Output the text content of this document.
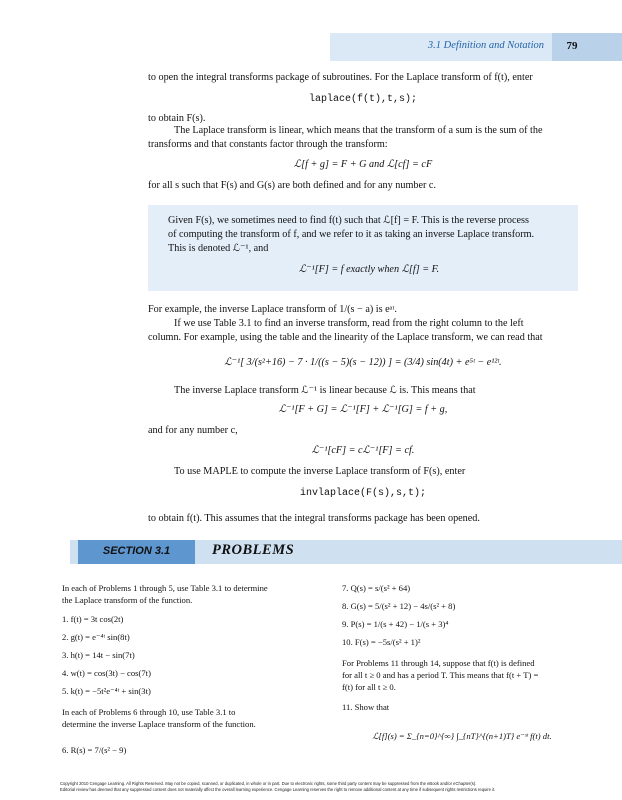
3.1 Definition and Notation	79
to open the integral transforms package of subroutines. For the Laplace transform of f(t), enter
laplace(f(t),t,s);
to obtain F(s).
The Laplace transform is linear, which means that the transform of a sum is the sum of the
transforms and that constants factor through the transform:
ℒ[f + g] = F + G and ℒ[cf] = cF
for all s such that F(s) and G(s) are both defined and for any number c.
Given F(s), we sometimes need to find f(t) such that ℒ[f] = F. This is the reverse process
of computing the transform of f, and we refer to it as taking an inverse Laplace transform.
This is denoted ℒ⁻¹, and
ℒ⁻¹[F] = f exactly when ℒ[f] = F.
For example, the inverse Laplace transform of 1/(s − a) is eᵃᵗ.
If we use Table 3.1 to find an inverse transform, read from the right column to the left
column. For example, using the table and the linearity of the Laplace transform, we can read that
ℒ⁻¹[ 3/(s²+16) − 7 · 1/((s − 5)(s − 12)) ] = (3/4) sin(4t) + e⁵ᵗ − e¹²ᵗ.
The inverse Laplace transform ℒ⁻¹ is linear because ℒ is. This means that
ℒ⁻¹[F + G] = ℒ⁻¹[F] + ℒ⁻¹[G] = f + g,
and for any number c,
ℒ⁻¹[cF] = cℒ⁻¹[F] = cf.
To use MAPLE to compute the inverse Laplace transform of F(s), enter
invlaplace(F(s),s,t);
to obtain f(t). This assumes that the integral transforms package has been opened.
SECTION 3.1	PROBLEMS
In each of Problems 1 through 5, use Table 3.1 to determine
the Laplace transform of the function.
1. f(t) = 3t cos(2t)
2. g(t) = e⁻⁴ᵗ sin(8t)
3. h(t) = 14t − sin(7t)
4. w(t) = cos(3t) − cos(7t)
5. k(t) = −5t²e⁻⁴ᵗ + sin(3t)
In each of Problems 6 through 10, use Table 3.1 to
determine the inverse Laplace transform of the function.
6. R(s) = 7/(s² − 9)
7. Q(s) = s/(s² + 64)
8. G(s) = 5/(s² + 12) − 4s/(s² + 8)
9. P(s) = 1/(s + 42) − 1/(s + 3)⁴
10. F(s) = −5s/(s² + 1)²
For Problems 11 through 14, suppose that f(t) is defined
for all t ≥ 0 and has a period T. This means that f(t + T) =
f(t) for all t ≥ 0.
11. Show that
ℒ[f](s) = Σ_{n=0}^{∞} ∫_{nT}^{(n+1)T} e⁻ˢᵗ f(t) dt.
Copyright 2010 Cengage Learning. All Rights Reserved. May not be copied, scanned, or duplicated, in whole or in part. Due to electronic rights, some third party content may be suppressed from the eBook and/or eChapter(s).
Editorial review has deemed that any suppressed content does not materially affect the overall learning experience. Cengage Learning reserves the right to remove additional content at any time if subsequent rights restrictions require it.
